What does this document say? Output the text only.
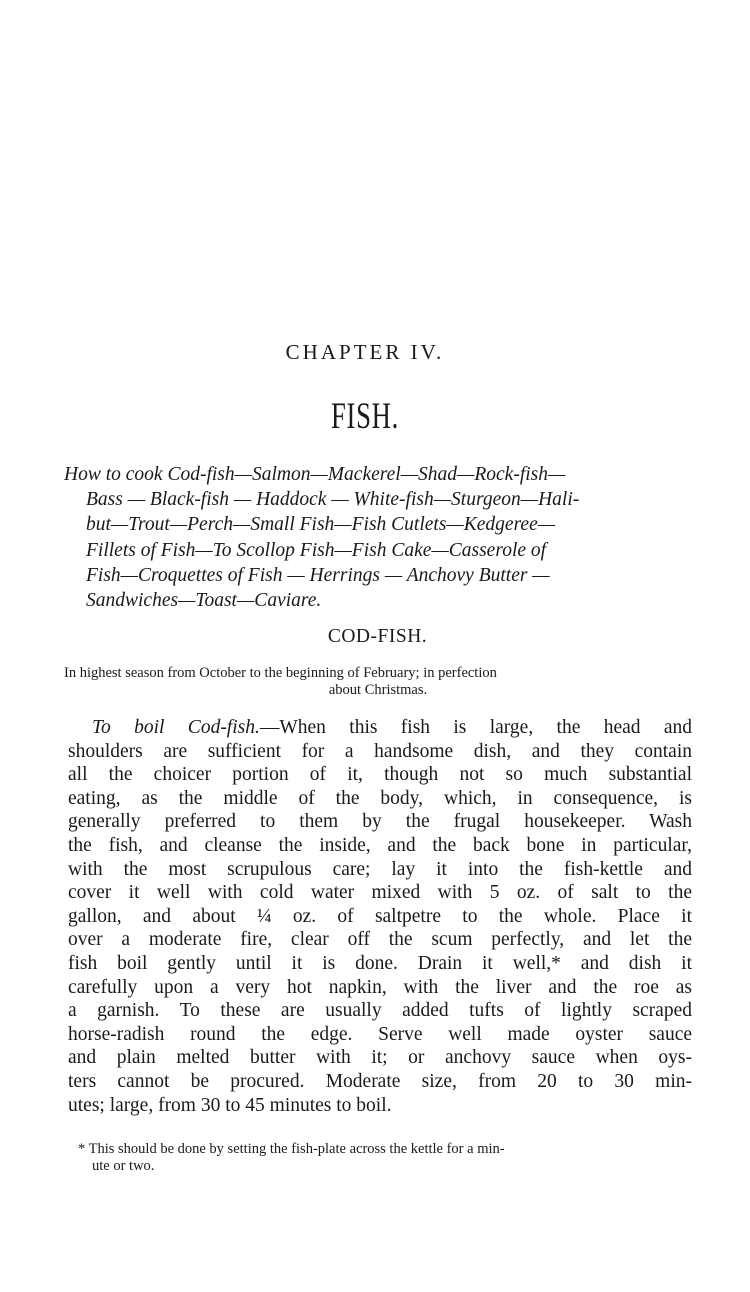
CHAPTER IV.
FISH.
How to cook Cod-fish—Salmon—Mackerel—Shad—Rock-fish—
Bass — Black-fish — Haddock — White-fish—Sturgeon—Hali-
but—Trout—Perch—Small Fish—Fish Cutlets—Kedgeree—
Fillets of Fish—To Scollop Fish—Fish Cake—Casserole of
Fish—Croquettes of Fish — Herrings — Anchovy Butter —
Sandwiches—Toast—Caviare.
COD-FISH.
In highest season from October to the beginning of February; in perfection
about Christmas.
To boil Cod-fish.—When this fish is large, the head and
shoulders are sufficient for a handsome dish, and they contain
all the choicer portion of it, though not so much substantial
eating, as the middle of the body, which, in consequence, is
generally preferred to them by the frugal housekeeper. Wash
the fish, and cleanse the inside, and the back bone in particular,
with the most scrupulous care; lay it into the fish-kettle and
cover it well with cold water mixed with 5 oz. of salt to the
gallon, and about ¼ oz. of saltpetre to the whole. Place it
over a moderate fire, clear off the scum perfectly, and let the
fish boil gently until it is done. Drain it well,* and dish it
carefully upon a very hot napkin, with the liver and the roe as
a garnish. To these are usually added tufts of lightly scraped
horse-radish round the edge. Serve well made oyster sauce
and plain melted butter with it; or anchovy sauce when oys-
ters cannot be procured. Moderate size, from 20 to 30 min-
utes; large, from 30 to 45 minutes to boil.
* This should be done by setting the fish-plate across the kettle for a min-
ute or two.
